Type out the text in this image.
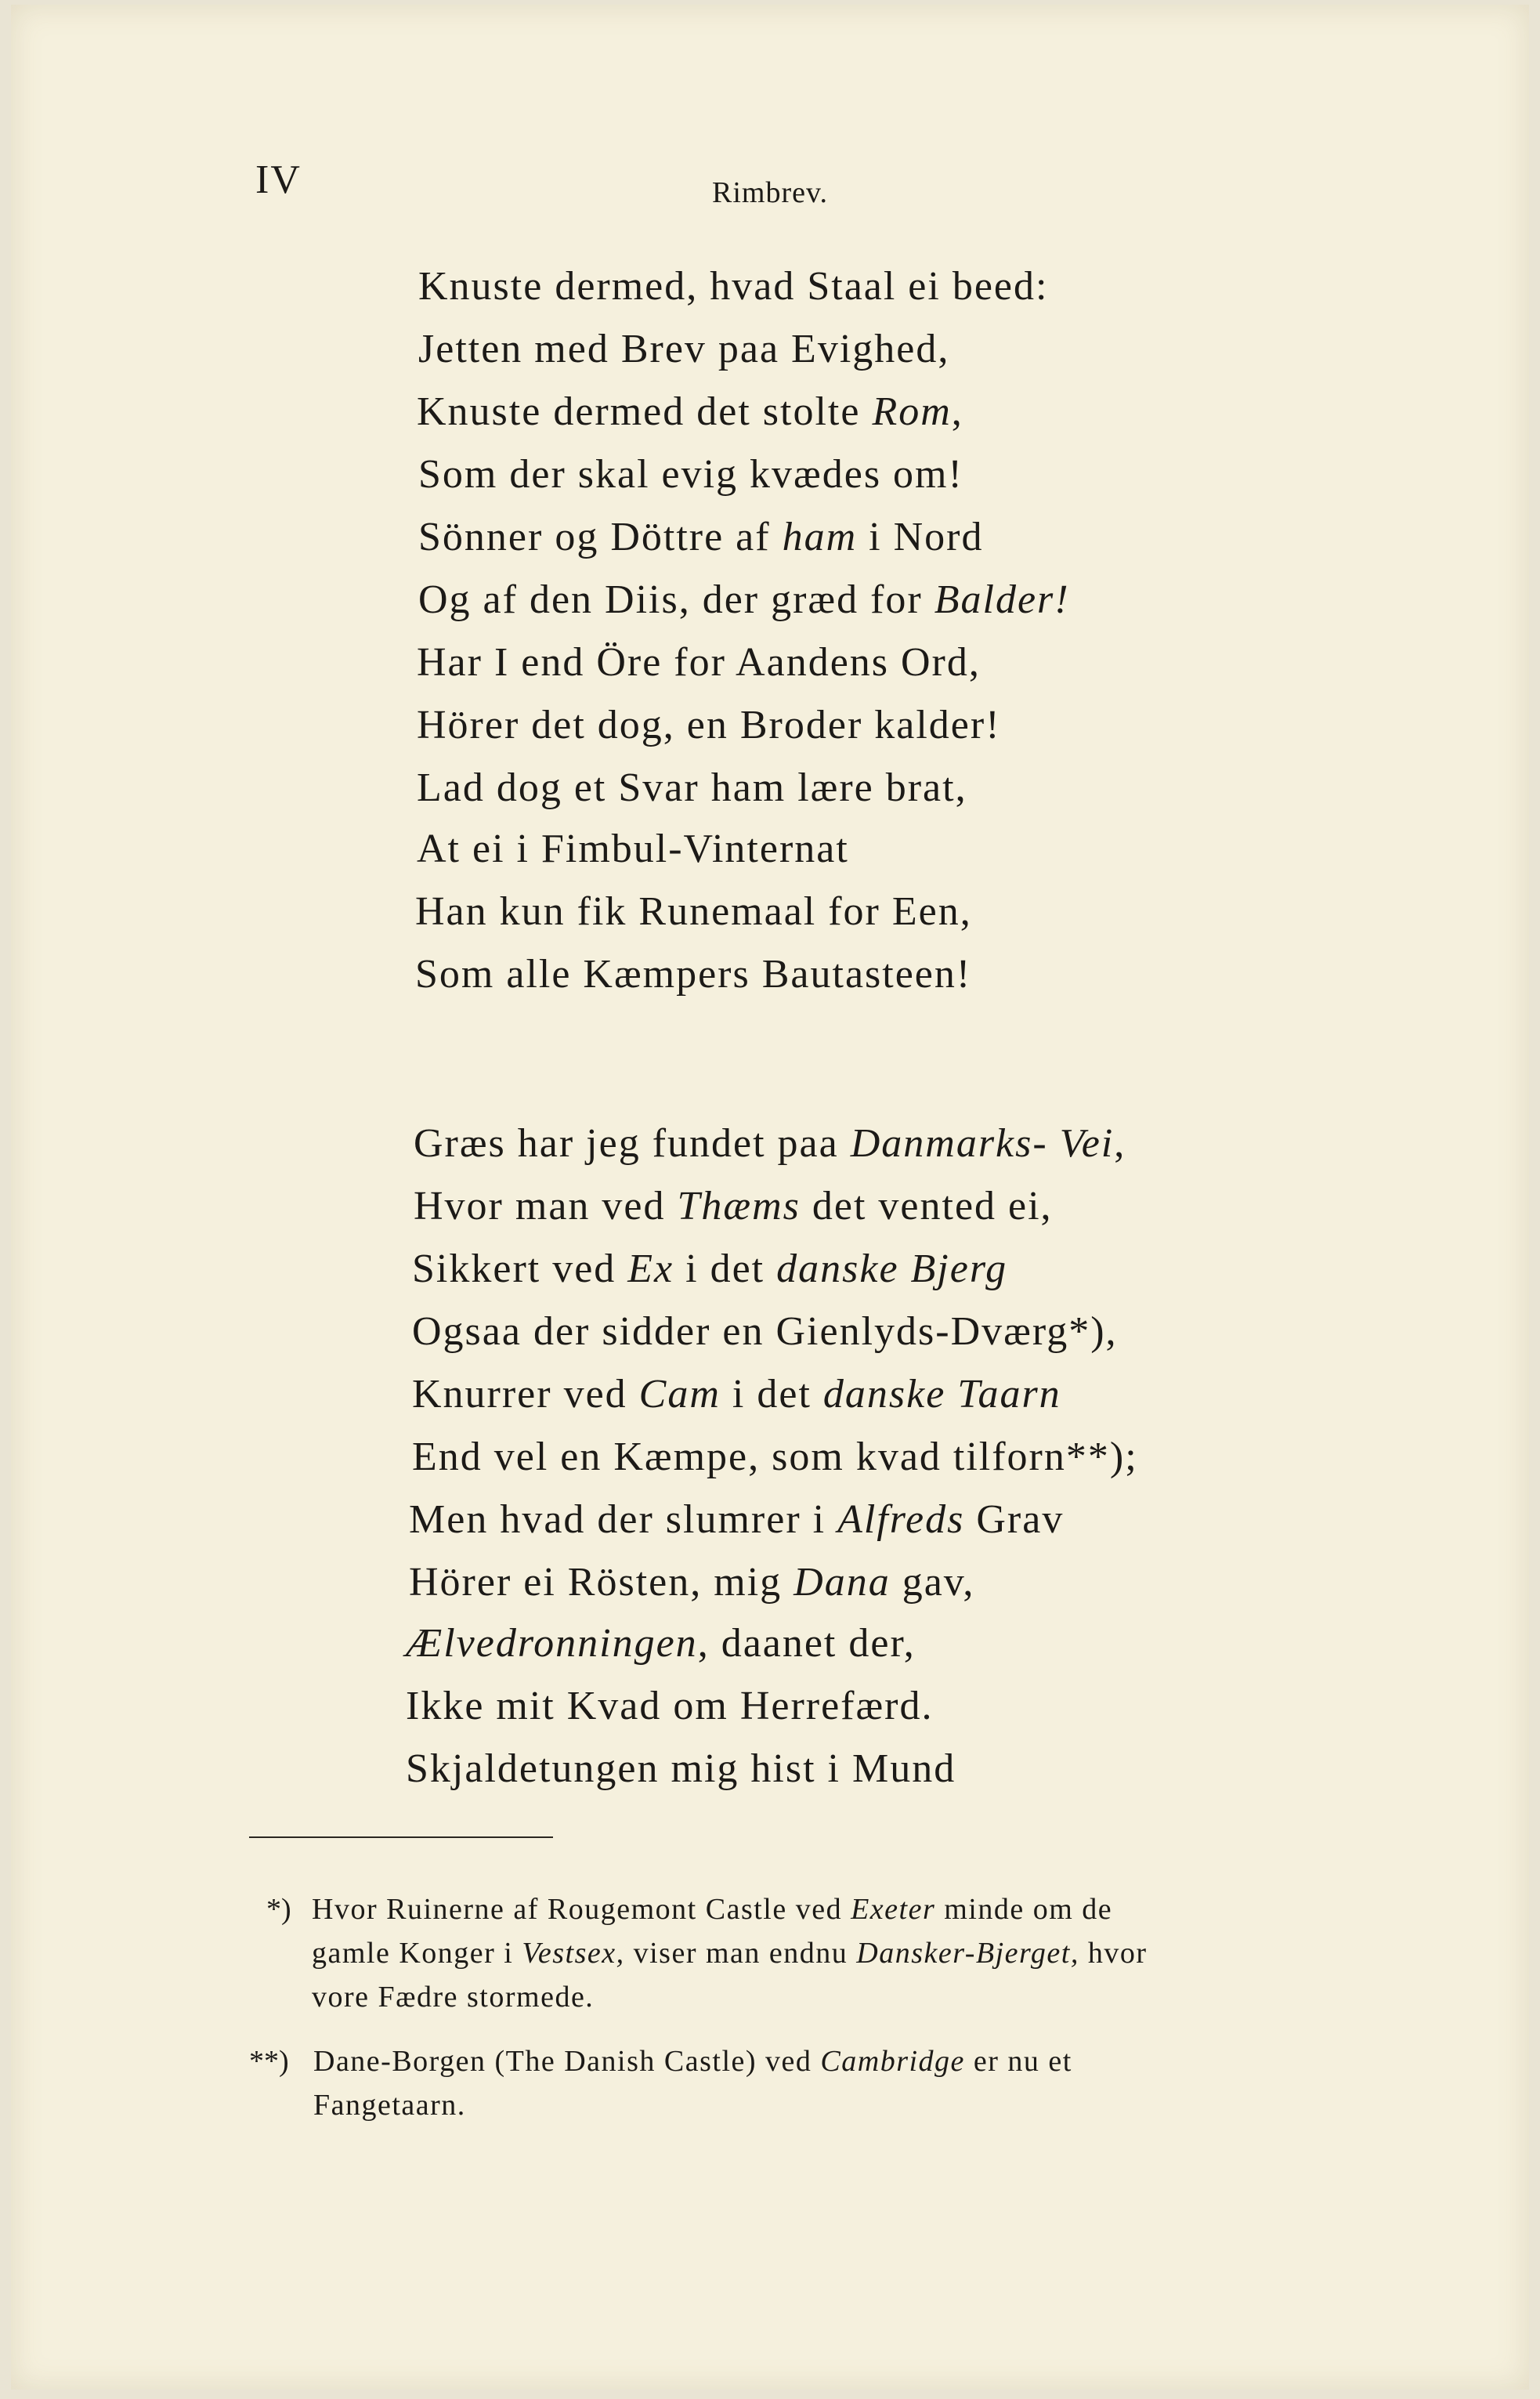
IV	Rimbrev.
Knuste dermed, hvad Staal ei beed:
Jetten med Brev paa Evighed,
Knuste dermed det stolte Rom,
Som der skal evig kvædes om!
Sönner og Döttre af ham i Nord
Og af den Diis, der græd for Balder!
Har I end Öre for Aandens Ord,
Hörer det dog, en Broder kalder!
Lad dog et Svar ham lære brat,
At ei i Fimbul-Vinternat
Han kun fik Runemaal for Een,
Som alle Kæmpers Bautasteen!
Græs har jeg fundet paa Danmarks- Vei,
Hvor man ved Thæms det vented ei,
Sikkert ved Ex i det danske Bjerg
Ogsaa der sidder en Gienlyds-Dværg*),
Knurrer ved Cam i det danske Taarn
End vel en Kæmpe, som kvad tilforn**);
Men hvad der slumrer i Alfreds Grav
Hörer ei Rösten, mig Dana gav,
Ælvedronningen, daanet der,
Ikke mit Kvad om Herrefærd.
Skjaldetungen mig hist i Mund
*) Hvor Ruinerne af Rougemont Castle ved Exeter minde om de
gamle Konger i Vestsex, viser man endnu Dansker-Bjerget, hvor
vore Fædre stormede.
**) Dane-Borgen (The Danish Castle) ved Cambridge er nu et
Fangetaarn.
